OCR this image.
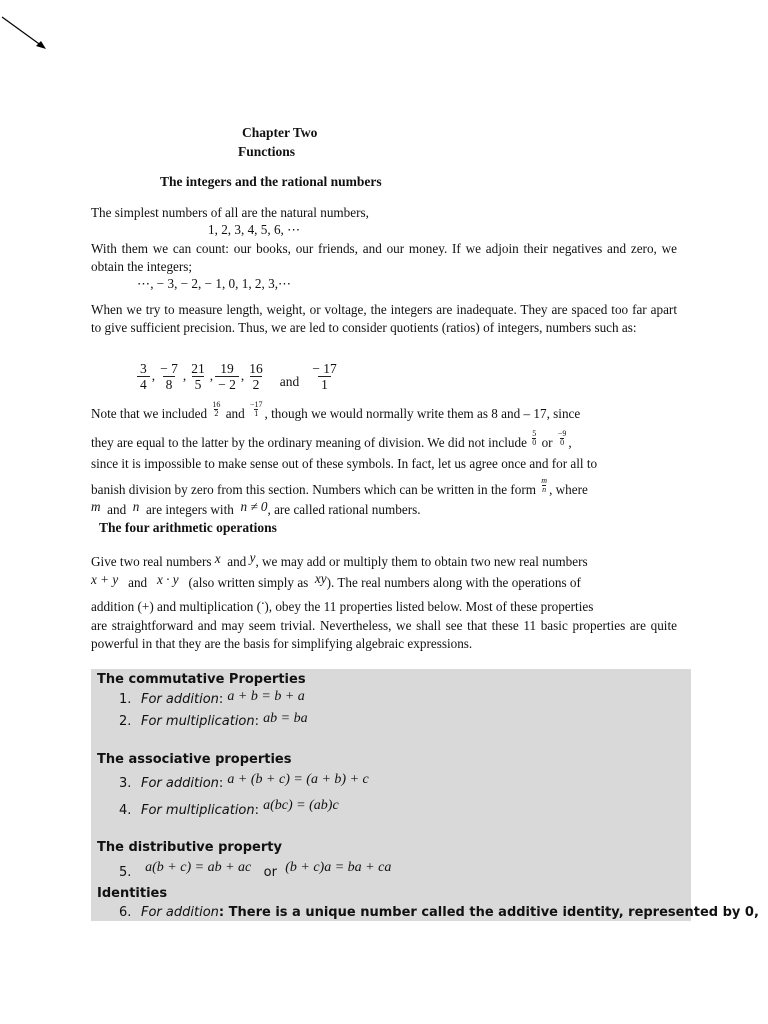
Chapter Two
Functions
The integers and the rational numbers
The simplest numbers of all are the natural numbers,
1, 2, 3, 4, 5, 6, ⋯
With them we can count: our books, our friends, and our money. If we adjoin their negatives and zero, we obtain the integers;
⋯, − 3, − 2, − 1, 0, 1, 2, 3,⋯
When we try to measure length, weight, or voltage, the integers are inadequate. They are spaced too far apart to give sufficient precision. Thus, we are led to consider quotients (ratios) of integers, numbers such as:
$\frac{3}{4}$ , $\frac{- 7}{8}$ , $\frac{21}{5}$ , $\frac{19}{- 2}$ , $\frac{16}{2}$ and $\frac{- 17}{1}$
Note that we included $\frac{16}{2}$ and $\frac{-17}{1}$ , though we would normally write them as 8 and – 17, since
they are equal to the latter by the ordinary meaning of division. We did not include $\frac{5}{0}$ or $\frac{-9}{0}$ ,
since it is impossible to make sense out of these symbols. In fact, let us agree once and for all to
banish division by zero from this section. Numbers which can be written in the form $\frac{m}{n}$ , where
m and n are integers with n ≠ 0, are called rational numbers.
The four arithmetic operations
Give two real numbers x and y, we may add or multiply them to obtain two new real numbers
x + y and x · y (also written simply as xy). The real numbers along with the operations of
addition (+) and multiplication (·), obey the 11 properties listed below. Most of these properties
are straightforward and may seem trivial. Nevertheless, we shall see that these 11 basic properties are quite powerful in that they are the basis for simplifying algebraic expressions.
The commutative Properties
1. For addition: a + b = b + a
2. For multiplication: ab = ba
The associative properties
3. For addition: a + (b + c) = (a + b) + c
4. For multiplication: a(bc) = (ab)c
The distributive property
5. a(b + c) = ab + ac or (b + c)a = ba + ca
Identities
6. For addition: There is a unique number called the additive identity, represented by 0,
